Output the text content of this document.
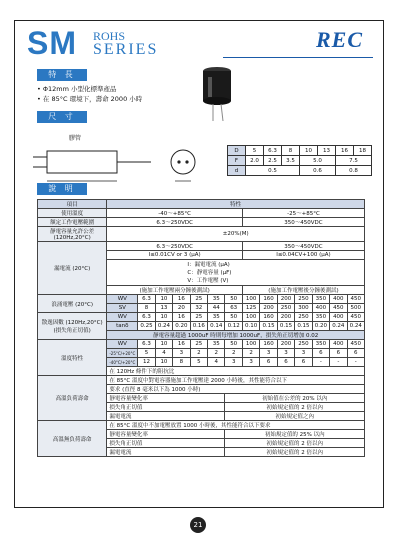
SM ROHS
SERIES	REC
特 長
• Φ12mm 小型化標準產品
• 在 85°C 環境下，壽命 2000 小時
尺 寸
膠管
D	5	6.3	8	10	13	16	18
F	2.0	2.5	3.5	5.0		7.5	
d	0.5			0.6		0.8	
說 明
項目	特性													
使用溫度	-40～+85°C							-25～+85°C						
額定工作電壓範圍	6.3～250VDC							350～450VDC						
靜電容量允許公差 (120Hz,20°C)	±20%(M)													
漏電流 (20°C)	6.3～250VDC							350～450VDC						
	I≤0.01CV or 3 (μA)							I≤0.04CV+100 (μA)						

	I：漏電電流 (μA)
C：靜電容量 (μF)
V：工作電壓 (V)													

	(施加工作電壓兩分鐘後測試)							(施加工作電壓後分鐘後測試)						
浪涌電壓 (20°C)	WV	6.3	10	16	25	35	50	100	160	200	250	350	400	450
	SV	8	13	20	32	44	63	125	200	250	300	400	450	500
散逸因數 (120Hz,20°C) (損失角正切值)	WV	6.3	10	16	25	35	50	100	160	200	250	350	400	450
	tanδ	0.25	0.24	0.20	0.16	0.14	0.12	0.10	0.15	0.15	0.15	0.20	0.24	0.24
	靜電容量超過 1000uF 時則每增加 1000uF，損失角正切增加 0.02													
溫度特性	WV	6.3	10	16	25	35	50	100	160	200	250	350	400	450
	-25°C/+20°C	5	4	3	2	2	2	2	3	3	3	6	6	6
	-40°C/+20°C	12	10	8	5	4	3	3	6	6	6	-	-	-
	在 120Hz 條件下的阻抗比													
高溫負荷壽命	在 85°C 溫度中對電容器施加工作電壓達 2000 小時後，其性能符合以下													
	要求 (直徑 8 毫米以下為 1000 小時)													
	靜電容量變化率						初始值在公差的 20% 以內							
	損失角正切值						初始規定值的 2 倍以內							
	漏電電流						初始規定值之內							
高溫無負荷壽命	在 85°C 溫度中不加電壓放置 1000 小時後，其性能符合以下要求													
	靜電容量變化率						初始規定值的 25% 以內							
	損失角正切值						初始規定值的 2 倍以內							
	漏電電流						初始規定值的 2 倍以內							
21
